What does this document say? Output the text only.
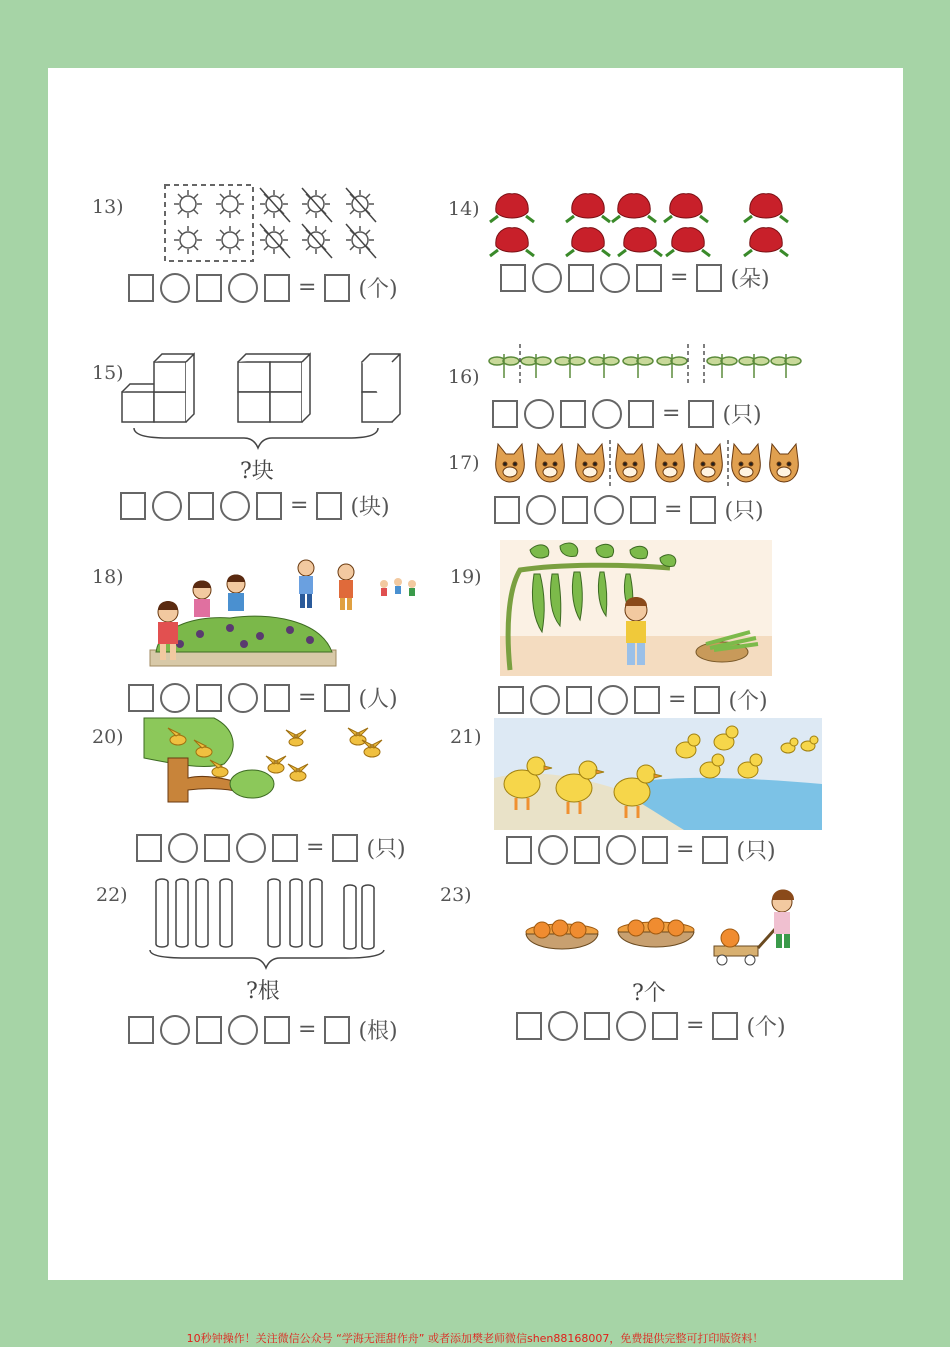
13)
= (个)
14)
= (朵)
15)
?块
= (块)
16)
= (只)
17)
= (只)
18)
= (人)
19)
= (个)
20)
= (只)
21)
= (只)
22)
?根
= (根)
23)
?个
= (个)
10秒钟操作！关注微信公众号 “学海无涯甜作舟” 或者添加樊老师微信shen88168007，免费提供完整可打印版资料！
